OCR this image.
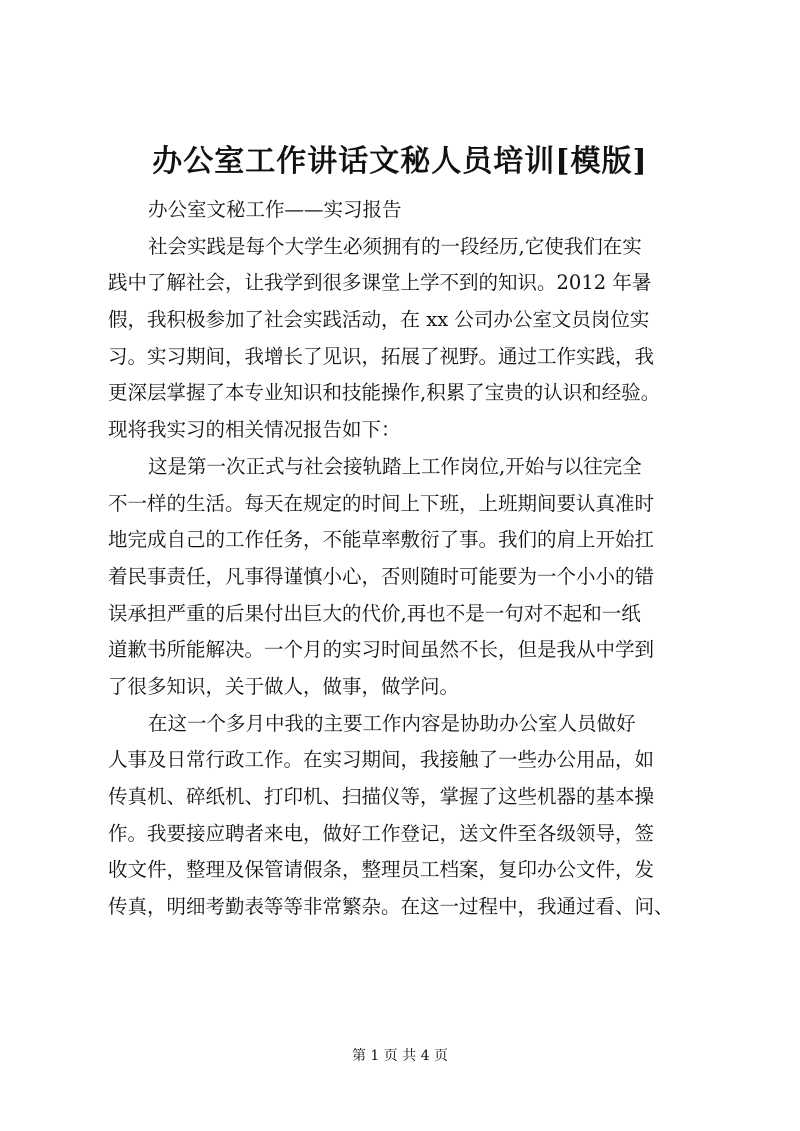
办公室工作讲话文秘人员培训[模版]
办公室文秘工作——实习报告
社会实践是每个大学生必须拥有的一段经历,它使我们在实
践中了解社会，让我学到很多课堂上学不到的知识。2012 年暑
假，我积极参加了社会实践活动，在 xx 公司办公室文员岗位实
习。实习期间，我增长了见识，拓展了视野。通过工作实践，我
更深层掌握了本专业知识和技能操作,积累了宝贵的认识和经验。
现将我实习的相关情况报告如下：
这是第一次正式与社会接轨踏上工作岗位,开始与以往完全
不一样的生活。每天在规定的时间上下班，上班期间要认真准时
地完成自己的工作任务，不能草率敷衍了事。我们的肩上开始扛
着民事责任，凡事得谨慎小心，否则随时可能要为一个小小的错
误承担严重的后果付出巨大的代价,再也不是一句对不起和一纸
道歉书所能解决。一个月的实习时间虽然不长，但是我从中学到
了很多知识，关于做人，做事，做学问。
在这一个多月中我的主要工作内容是协助办公室人员做好
人事及日常行政工作。在实习期间，我接触了一些办公用品，如
传真机、碎纸机、打印机、扫描仪等，掌握了这些机器的基本操
作。我要接应聘者来电，做好工作登记，送文件至各级领导，签
收文件，整理及保管请假条，整理员工档案，复印办公文件，发
传真，明细考勤表等等非常繁杂。在这一过程中，我通过看、问、
第 1 页 共 4 页
